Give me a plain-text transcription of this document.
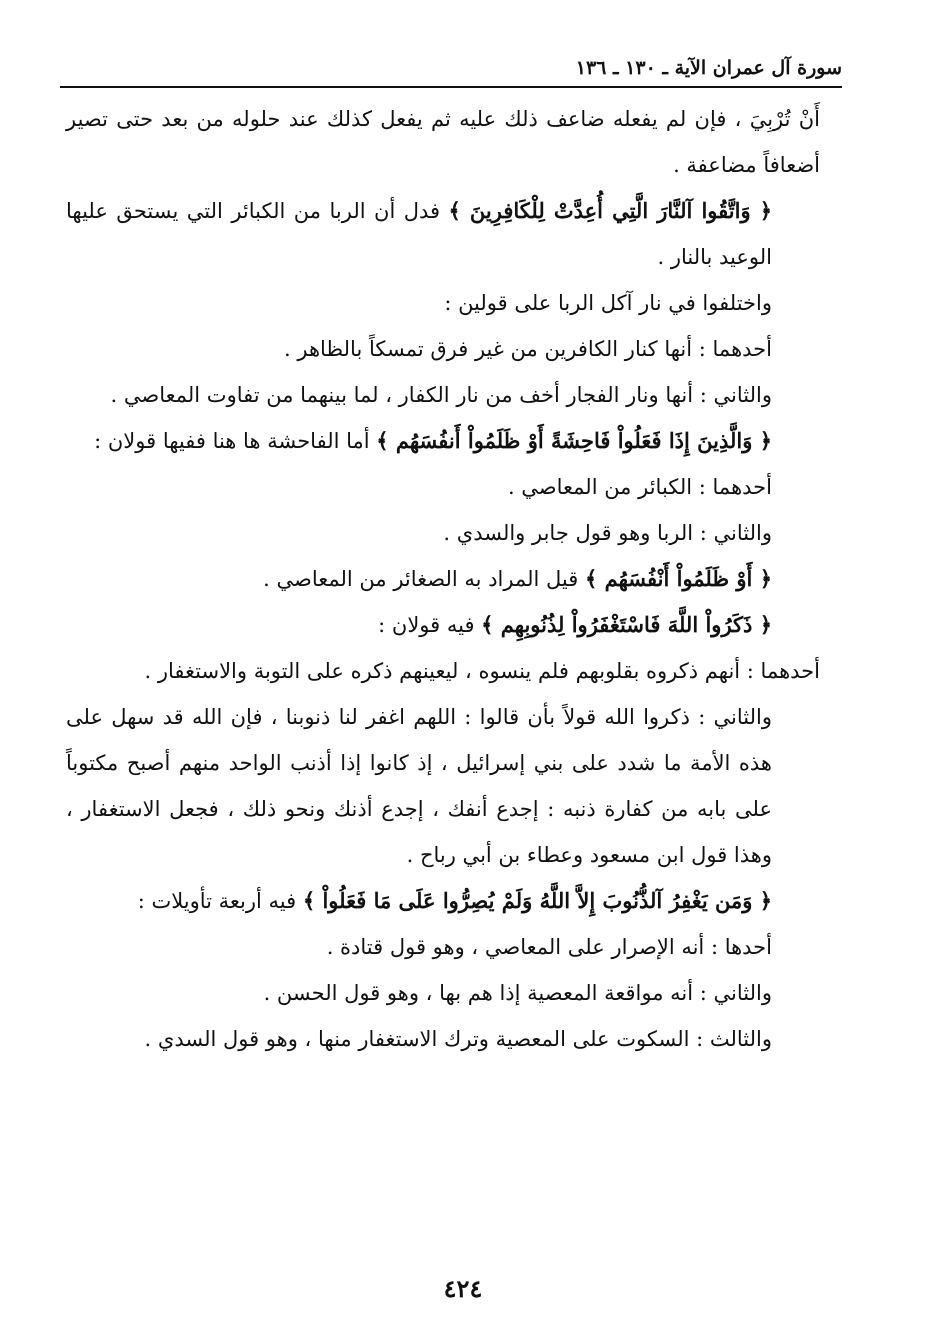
سورة آل عمران الآية ـ ١٣٠ ـ ١٣٦

أَنْ تُرْبِيَ ، فإن لم يفعله ضاعف ذلك عليه ثم يفعل كذلك عند حلوله من بعد حتى تصير أضعافاً مضاعفة .

﴿ وَاتَّقُوا آلنَّارَ الَّتِي أُعِدَّتْ لِلْكَافِرِينَ ﴾ فدل أن الربا من الكبائر التي يستحق عليها الوعيد بالنار .

واختلفوا في نار آكل الربا على قولين :

أحدهما : أنها كنار الكافرين من غير فرق تمسكاً بالظاهر .

والثاني : أنها ونار الفجار أخف من نار الكفار ، لما بينهما من تفاوت المعاصي .

﴿ وَالَّذِينَ إِذَا فَعَلُواْ فَاحِشَةً أَوْ ظَلَمُواْ أَنفُسَهُم ﴾ أما الفاحشة ها هنا ففيها قولان :

أحدهما : الكبائر من المعاصي .

والثاني : الربا وهو قول جابر والسدي .

﴿ أَوْ ظَلَمُواْ أَنْفُسَهُم ﴾ قيل المراد به الصغائر من المعاصي .

﴿ ذَكَرُواْ اللَّهَ فَاسْتَغْفَرُواْ لِذُنُوبِهِم ﴾ فيه قولان :

أحدهما : أنهم ذكروه بقلوبهم فلم ينسوه ، ليعينهم ذكره على التوبة والاستغفار .

والثاني : ذكروا الله قولاً بأن قالوا : اللهم اغفر لنا ذنوبنا ، فإن الله قد سهل على هذه الأمة ما شدد على بني إسرائيل ، إذ كانوا إذا أذنب الواحد منهم أصبح مكتوباً على بابه من كفارة ذنبه : إجدع أنفك ، إجدع أذنك ونحو ذلك ، فجعل الاستغفار ، وهذا قول ابن مسعود وعطاء بن أبي رباح .

﴿ وَمَن يَغْفِرُ آلذُّنُوبَ إِلاَّ اللَّهُ وَلَمْ يُصِرُّوا عَلَى مَا فَعَلُواْ ﴾ فيه أربعة تأويلات :

أحدها : أنه الإصرار على المعاصي ، وهو قول قتادة .

والثاني : أنه مواقعة المعصية إذا هم بها ، وهو قول الحسن .

والثالث : السكوت على المعصية وترك الاستغفار منها ، وهو قول السدي .

٤٢٤
